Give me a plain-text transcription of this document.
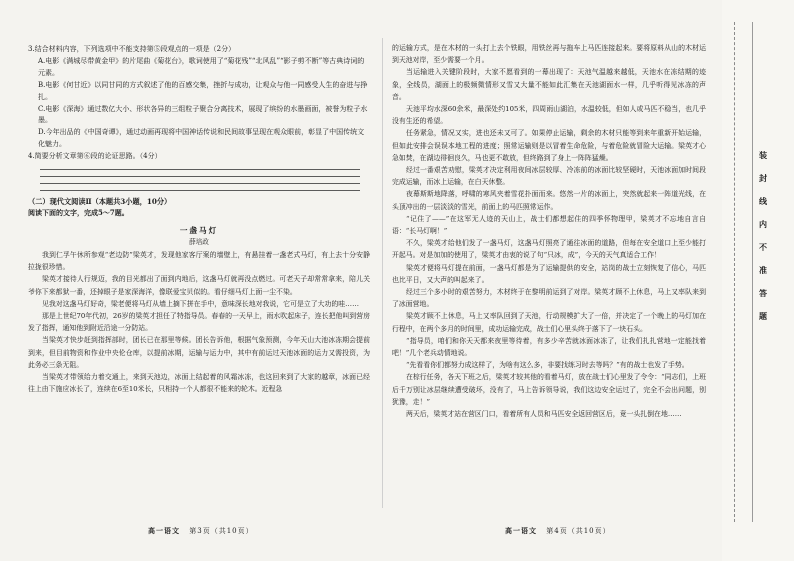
3.结合材料内容，下列选项中不能支持第⑤段观点的一项是（2分）

A.电影《满城尽带黄金甲》的片尾曲《菊花台》，歌词使用了“菊花残”“北风乱”“影子剪不断”等古典诗词的元素。

B.电影《何甘近》以同甘同的方式叙述了他的百感交集，挫折与成功，让观众与他一同感受人生的奋进与挣扎。

C.电影《深海》通过数亿大小、形状各异的三组粒子聚合分离技术，展现了缤纷的水墨画面，被誉为粒子水墨。

D.今年出品的《中国奇谭》，通过动画再现将中国神话传说和民间故事呈现在观众眼前，彰显了中国传统文化魅力。

4.简要分析文章第⑥段的论证思路。（4分）

（二）现代文阅读Ⅱ（本题共3小题，10分）
阅读下面的文字，完成5～7题。
一盏马灯
薛培政

我到仁孚午休所参观“老边防”梁英才，发现他家客厅案的墙壁上，有悬挂着一盏老式马灯，有上去十分安静拉拢很珍惜。

梁英才接待人行规迈，我的目光都出了面到内地后，这盏马灯就再没点燃过。可老天子却常常拿来，陪儿关爷你下来都狱一番，还掉眼子是家深海洋，像联爱宝贝似的。看仔细马灯上面一尘不染。

见我对这盏马灯好奇，梁老便将马灯从墙上摘下拼在手中，意味深长地对我说，它可是立了大功的哇……

那是上世纪70年代初，26岁的梁英才担任了特指导员。春春的一天早上，雨水吹起床子，连长把他叫到营房发了指挥，通知他到附近沿途一分防站。

当梁英才快步赶到指挥部时，团长已在那里等候。团长告诉他，根据气象预测，今年天山大池冰冻期会提前到来，但目前物资和作业中央伦仓库，以提前冰期，运输与运力中，其中有前运过天池冰面的运力又需投资，为此务必三条无阻。

当梁英才带领给力着交通上，来到天池边，冰面上结起着的风霜冰冻，也这回来到了大家的越章，冰面已经往上由下施应冰长了，连续在6至10米长，只相持一个人都很不能来的轮木。近程急

高一语文 第3页（共10页）

的运输方式，是在木材的一头打上去个铁眼，用铁丝再与拖车上马匹连接起来。要将原料从山的木材运到天池对岸，至少需要一个月。

当运输进入关键阶段时，大家不愿看到的一幕出现了：天池气温越来越低，天池水在冻结期的迹象，全线员，湖面上的极频微情形又雪又大量不能如此汇集在天池湖面水一样，几乎听得见冰冻的声音。

天池平均水深60余米，最深处约105米，四周雨山湖泊，水温较低，但如人或马匹不稳当，也几乎没有生还的希望。

任务紧急，情况又实，进也还未又可了。如果停止运输，剩余的木材只能等到来年重新开始运输，但如此安排会误误本地工程的进度；照常运输则是以冒着生命危险，与着危险就冒险大运输。梁英才心急如焚，在湖边徘徊良久，马也更不敢放，但终路到了身上一阵阵猛燥。

经过一番艰苦劝慰，梁英才决定利用夜间冰层较厚、冷冻前的冰面比较坚硬时，天池冰面加时间段完成运输，而冰上运输，在白天休整。

夜幕斯斯地降落，呼啸的寒风夹着雪花扑面而来。悠然一片的冰面上，突然就起来一阵道光线，在头顶冲出的一层淡淡的雪光，前面上的马匹照常运作。

“记住了——”在这军无人迹的天山上，战士们都想起住的四季怀物理甲，梁英才不忘地自言自语：“长马灯啊！”

不久，梁英才给他们发了一盏马灯，这盏马灯照亮了通往冰面的道路，但每在安全道口上至少能打开起马。对是加加的使用了，梁英才由衷的说了句“只冰，成”，今天的天气真适合工作！

梁英才便将马灯提在前面，一盏马灯都是为了运输提供的安全，站岗的战士立刻恢复了信心，马匹也比平日，又大声的叫起来了。

经过三个多小时的艰苦努力，木材终于在黎明前运到了对岸。梁英才顾不上休息，马上又率队来到了冰面营地。

梁英才顾不上休息，马上又率队回到了天池，行动规模扩大了一倍，并决定了一个晚上的马灯加在行程中，在两个多月的时间里，成功运输完成，战士们心里头终于落下了一块石头。

“指导员，咱们和你天天都来夜里等待着，有多少辛苦就冰面冰冻了，让我们扎扎营地一定能找着吧！”几个老兵动情地说。

“先看看你们都努力成这样了，为啥有这么多，非要找练习时去等吗？”有的战士也发了手势。

在棕行任务，各天下班之后，梁英才较其他的看着马灯，放在战士们心里发了令令：“同志们，上班后千万别让冰层继续遭受破坏，没有了，马上告诉领导说，我们这边安全运过了，完全不会出问题，别犹豫，走！”

两天后，梁英才站在营区门口，看着所有人员和马匹安全返回营区后，竟一头扎倒在地……

高一语文 第4页（共10页）
装
封
线
内
不
准
答
题
